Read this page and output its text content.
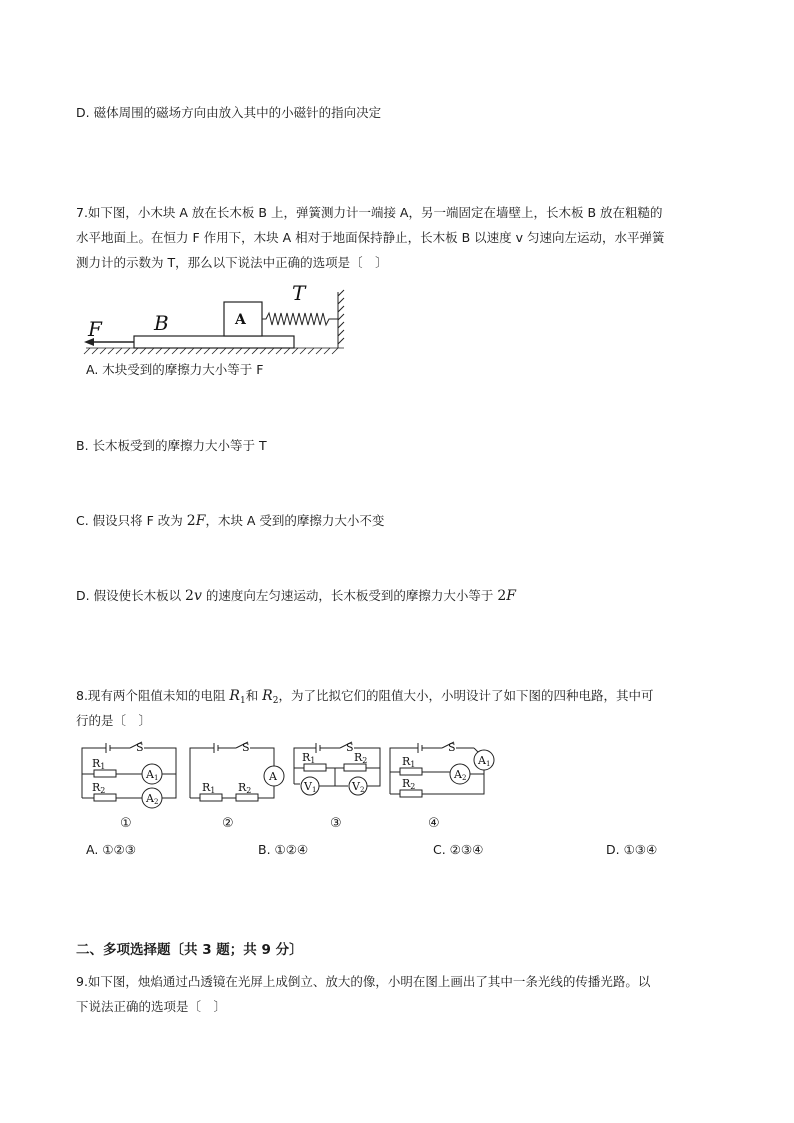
D. 磁体周围的磁场方向由放入其中的小磁针的指向决定
7.如下图，小木块 A 放在长木板 B 上，弹簧测力计一端接 A，另一端固定在墙壁上，长木板 B 放在粗糙的
水平地面上。在恒力 F 作用下，木块 A 相对于地面保持静止，长木板 B 以速度 v 匀速向左运动，水平弹簧
测力计的示数为 T，那么以下说法中正确的选项是〔　〕
A
T
F	B
A. 木块受到的摩擦力大小等于 F
B. 长木板受到的摩擦力大小等于 T
C. 假设只将 F 改为 2F，木块 A 受到的摩擦力大小不变
D. 假设使长木板以 2v 的速度向左匀速运动，长木板受到的摩擦力大小等于 2F
8.现有两个阻值未知的电阻 $R_1$和 $R_2$，为了比拟它们的阻值大小，小明设计了如下图的四种电路，其中可
行的是〔　〕
S
R1
R2
A1
A2
S
A
R1 R2
S
R1	R2
V1	V2
S
A1
R1
A2
R2
①	②	③	④
A. ①②③	B. ①②④	C. ②③④	D. ①③④
二、多项选择题〔共 3 题；共 9 分〕
9.如下图，烛焰通过凸透镜在光屏上成倒立、放大的像，小明在图上画出了其中一条光线的传播光路。以
下说法正确的选项是〔　〕
